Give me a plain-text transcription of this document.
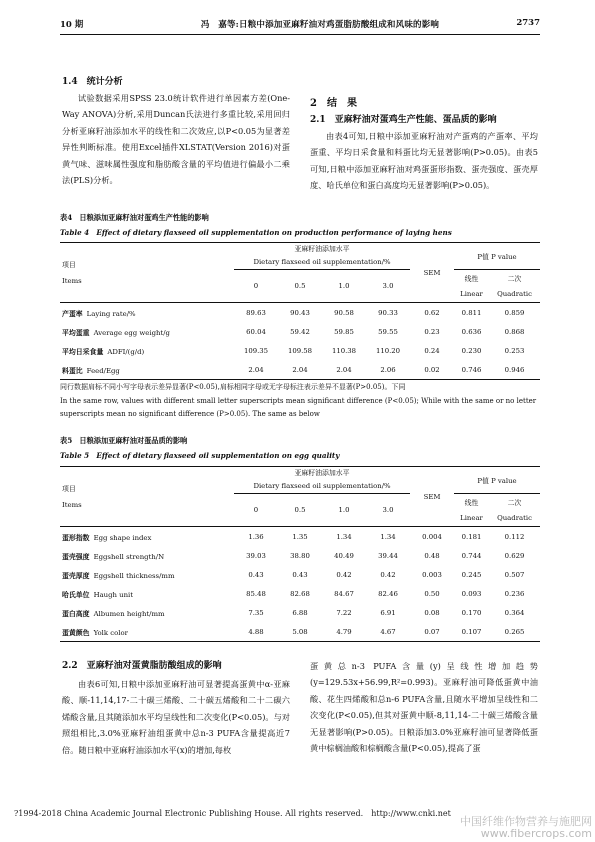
10 期	冯　嘉等:日粮中添加亚麻籽油对鸡蛋脂肪酸组成和风味的影响	2737
1.4　统计分析
试验数据采用SPSS 23.0统计软件进行单因素方差(One-Way ANOVA)分析,采用Duncan氏法进行多重比较,采用回归分析亚麻籽油添加水平的线性和二次效应,以P<0.05为显著差异性判断标准。使用Excel插件XLSTAT(Version 2016)对蛋黄气味、滋味属性强度和脂肪酸含量的平均值进行偏最小二乘法(PLS)分析。
2　结　果
2.1　亚麻籽油对蛋鸡生产性能、蛋品质的影响
由表4可知,日粮中添加亚麻籽油对产蛋鸡的产蛋率、平均蛋重、平均日采食量和料蛋比均无显著影响(P>0.05)。由表5可知,日粮中添加亚麻籽油对鸡蛋蛋形指数、蛋壳强度、蛋壳厚度、哈氏单位和蛋白高度均无显著影响(P>0.05)。
表4　日粮添加亚麻籽油对蛋鸡生产性能的影响
Table 4　Effect of dietary flaxseed oil supplementation on production performance of laying hens
项目
Items	亚麻籽油添加水平
Dietary flaxseed oil supplementation/%				SEM	P值 P value	
	0	0.5	1.0	3.0		线性	二次
						Linear	Quadratic
产蛋率 Laying rate/%	89.63	90.43	90.58	90.33	0.62	0.811	0.859
平均蛋重 Average egg weight/g	60.04	59.42	59.85	59.55	0.23	0.636	0.868
平均日采食量 ADFI/(g/d)	109.35	109.58	110.38	110.20	0.24	0.230	0.253
料蛋比 Feed/Egg	2.04	2.04	2.04	2.06	0.02	0.746	0.946
同行数据肩标不同小写字母表示差异显著(P<0.05),肩标相同字母或无字母标注表示差异不显著(P>0.05)。下同
In the same row, values with different small letter superscripts mean significant difference (P<0.05); While with the same or no letter superscripts mean no significant difference (P>0.05). The same as below
表5　日粮添加亚麻籽油对蛋品质的影响
Table 5　Effect of dietary flaxseed oil supplementation on egg quality
项目
Items	亚麻籽油添加水平
Dietary flaxseed oil supplementation/%				SEM	P值 P value	
	0	0.5	1.0	3.0		线性	二次
						Linear	Quadratic
蛋形指数 Egg shape index	1.36	1.35	1.34	1.34	0.004	0.181	0.112
蛋壳强度 Eggshell strength/N	39.03	38.80	40.49	39.44	0.48	0.744	0.629
蛋壳厚度 Eggshell thickness/mm	0.43	0.43	0.42	0.42	0.003	0.245	0.507
哈氏单位 Haugh unit	85.48	82.68	84.67	82.46	0.50	0.093	0.236
蛋白高度 Albumen height/mm	7.35	6.88	7.22	6.91	0.08	0.170	0.364
蛋黄颜色 Yolk color	4.88	5.08	4.79	4.67	0.07	0.107	0.265
2.2　亚麻籽油对蛋黄脂肪酸组成的影响
由表6可知,日粮中添加亚麻籽油可显著提高蛋黄中α-亚麻酸、顺-11,14,17-二十碳三烯酸、二十碳五烯酸和二十二碳六烯酸含量,且其随添加水平均呈线性和二次变化(P<0.05)。与对照组相比,3.0%亚麻籽油组蛋黄中总n-3 PUFA含量提高近7倍。随日粮中亚麻籽油添加水平(x)的增加,每枚
蛋黄总n-3 PUFA含量(y)呈线性增加趋势(y=129.53x+56.99,R²=0.993)。亚麻籽油可降低蛋黄中油酸、花生四烯酸和总n-6 PUFA含量,且随水平增加呈线性和二次变化(P<0.05),但其对蛋黄中顺-8,11,14-二十碳三烯酸含量无显著影响(P>0.05)。日粮添加3.0%亚麻籽油可显著降低蛋黄中棕榈油酸和棕榈酸含量(P<0.05),提高了蛋
?1994-2018 China Academic Journal Electronic Publishing House. All rights reserved.　http://www.cnki.net
中国纤维作物营养与施肥网 www.fibercrops.com
